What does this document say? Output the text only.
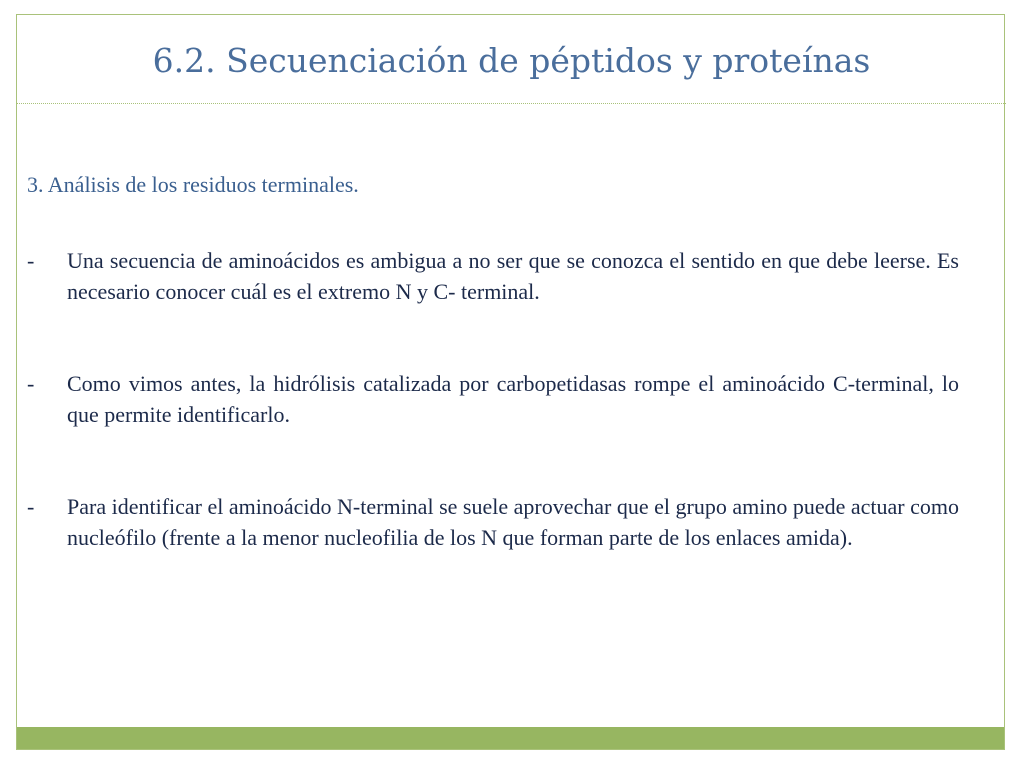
6.2. Secuenciación de péptidos y proteínas
3. Análisis de los residuos terminales.
-	Una secuencia de aminoácidos es ambigua a no ser que se conozca el sentido en que debe leerse. Es necesario conocer cuál es el extremo N y C- terminal.
-	Como vimos antes, la hidrólisis catalizada por carbopetidasas rompe el aminoácido C-terminal, lo que permite identificarlo.
-	Para identificar el aminoácido N-terminal se suele aprovechar que el grupo amino puede actuar como nucleófilo (frente a la menor nucleofilia de los N que forman parte de los enlaces amida).
